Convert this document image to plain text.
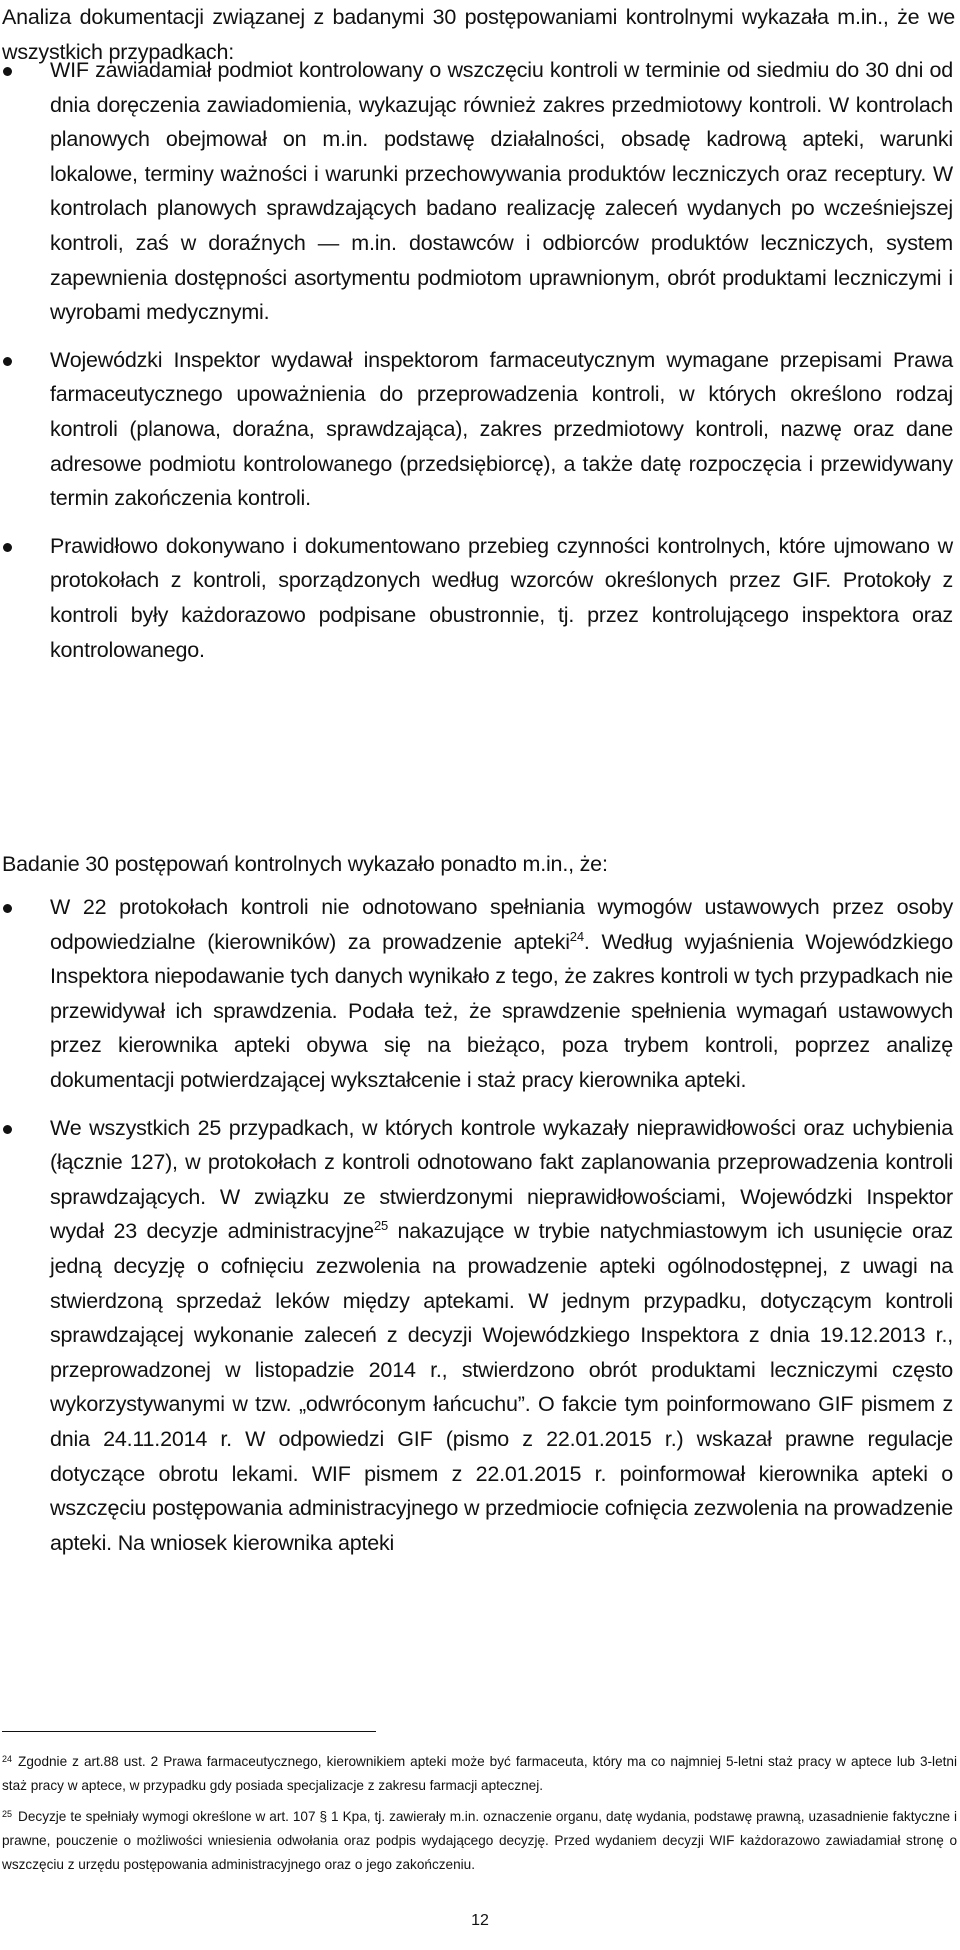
Analiza dokumentacji związanej z badanymi 30 postępowaniami kontrolnymi wykazała m.in., że we wszystkich przypadkach:

WIF zawiadamiał podmiot kontrolowany o wszczęciu kontroli w terminie od siedmiu do 30 dni od dnia doręczenia zawiadomienia, wykazując również zakres przedmiotowy kontroli. W kontrolach planowych obejmował on m.in. podstawę działalności, obsadę kadrową apteki, warunki lokalowe, terminy ważności i warunki przechowywania produktów leczniczych oraz receptury. W kontrolach planowych sprawdzających badano realizację zaleceń wydanych po wcześniejszej kontroli, zaś w doraźnych — m.in. dostawców i odbiorców produktów leczniczych, system zapewnienia dostępności asortymentu podmiotom uprawnionym, obrót produktami leczniczymi i wyrobami medycznymi.
Wojewódzki Inspektor wydawał inspektorom farmaceutycznym wymagane przepisami Prawa farmaceutycznego upoważnienia do przeprowadzenia kontroli, w których określono rodzaj kontroli (planowa, doraźna, sprawdzająca), zakres przedmiotowy kontroli, nazwę oraz dane adresowe podmiotu kontrolowanego (przedsiębiorcę), a także datę rozpoczęcia i przewidywany termin zakończenia kontroli.
Prawidłowo dokonywano i dokumentowano przebieg czynności kontrolnych, które ujmowano w protokołach z kontroli, sporządzonych według wzorców określonych przez GIF. Protokoły z kontroli były każdorazowo podpisane obustronnie, tj. przez kontrolującego inspektora oraz kontrolowanego.

Badanie 30 postępowań kontrolnych wykazało ponadto m.in., że:

W 22 protokołach kontroli nie odnotowano spełniania wymogów ustawowych przez osoby odpowiedzialne (kierowników) za prowadzenie apteki$^{24}$. Według wyjaśnienia Wojewódzkiego Inspektora niepodawanie tych danych wynikało z tego, że zakres kontroli w tych przypadkach nie przewidywał ich sprawdzenia. Podała też, że sprawdzenie spełnienia wymagań ustawowych przez kierownika apteki obywa się na bieżąco, poza trybem kontroli, poprzez analizę dokumentacji potwierdzającej wykształcenie i staż pracy kierownika apteki.
We wszystkich 25 przypadkach, w których kontrole wykazały nieprawidłowości oraz uchybienia (łącznie 127), w protokołach z kontroli odnotowano fakt zaplanowania przeprowadzenia kontroli sprawdzających. W związku ze stwierdzonymi nieprawidłowościami, Wojewódzki Inspektor wydał 23 decyzje administracyjne$^{25}$ nakazujące w trybie natychmiastowym ich usunięcie oraz jedną decyzję o cofnięciu zezwolenia na prowadzenie apteki ogólnodostępnej, z uwagi na stwierdzoną sprzedaż leków między aptekami. W jednym przypadku, dotyczącym kontroli sprawdzającej wykonanie zaleceń z decyzji Wojewódzkiego Inspektora z dnia 19.12.2013 r., przeprowadzonej w listopadzie 2014 r., stwierdzono obrót produktami leczniczymi często wykorzystywanymi w tzw. „odwróconym łańcuchu”. O fakcie tym poinformowano GIF pismem z dnia 24.11.2014 r. W odpowiedzi GIF (pismo z 22.01.2015 r.) wskazał prawne regulacje dotyczące obrotu lekami. WIF pismem z 22.01.2015 r. poinformował kierownika apteki o wszczęciu postępowania administracyjnego w przedmiocie cofnięcia zezwolenia na prowadzenie apteki. Na wniosek kierownika apteki

$^{24}$ Zgodnie z art.88 ust. 2 Prawa farmaceutycznego, kierownikiem apteki może być farmaceuta, który ma co najmniej 5-letni staż pracy w aptece lub 3-letni staż pracy w aptece, w przypadku gdy posiada specjalizacje z zakresu farmacji aptecznej.

$^{25}$ Decyzje te spełniały wymogi określone w art. 107 § 1 Kpa, tj. zawierały m.in. oznaczenie organu, datę wydania, podstawę prawną, uzasadnienie faktyczne i prawne, pouczenie o możliwości wniesienia odwołania oraz podpis wydającego decyzję. Przed wydaniem decyzji WIF każdorazowo zawiadamiał stronę o wszczęciu z urzędu postępowania administracyjnego oraz o jego zakończeniu.

12
